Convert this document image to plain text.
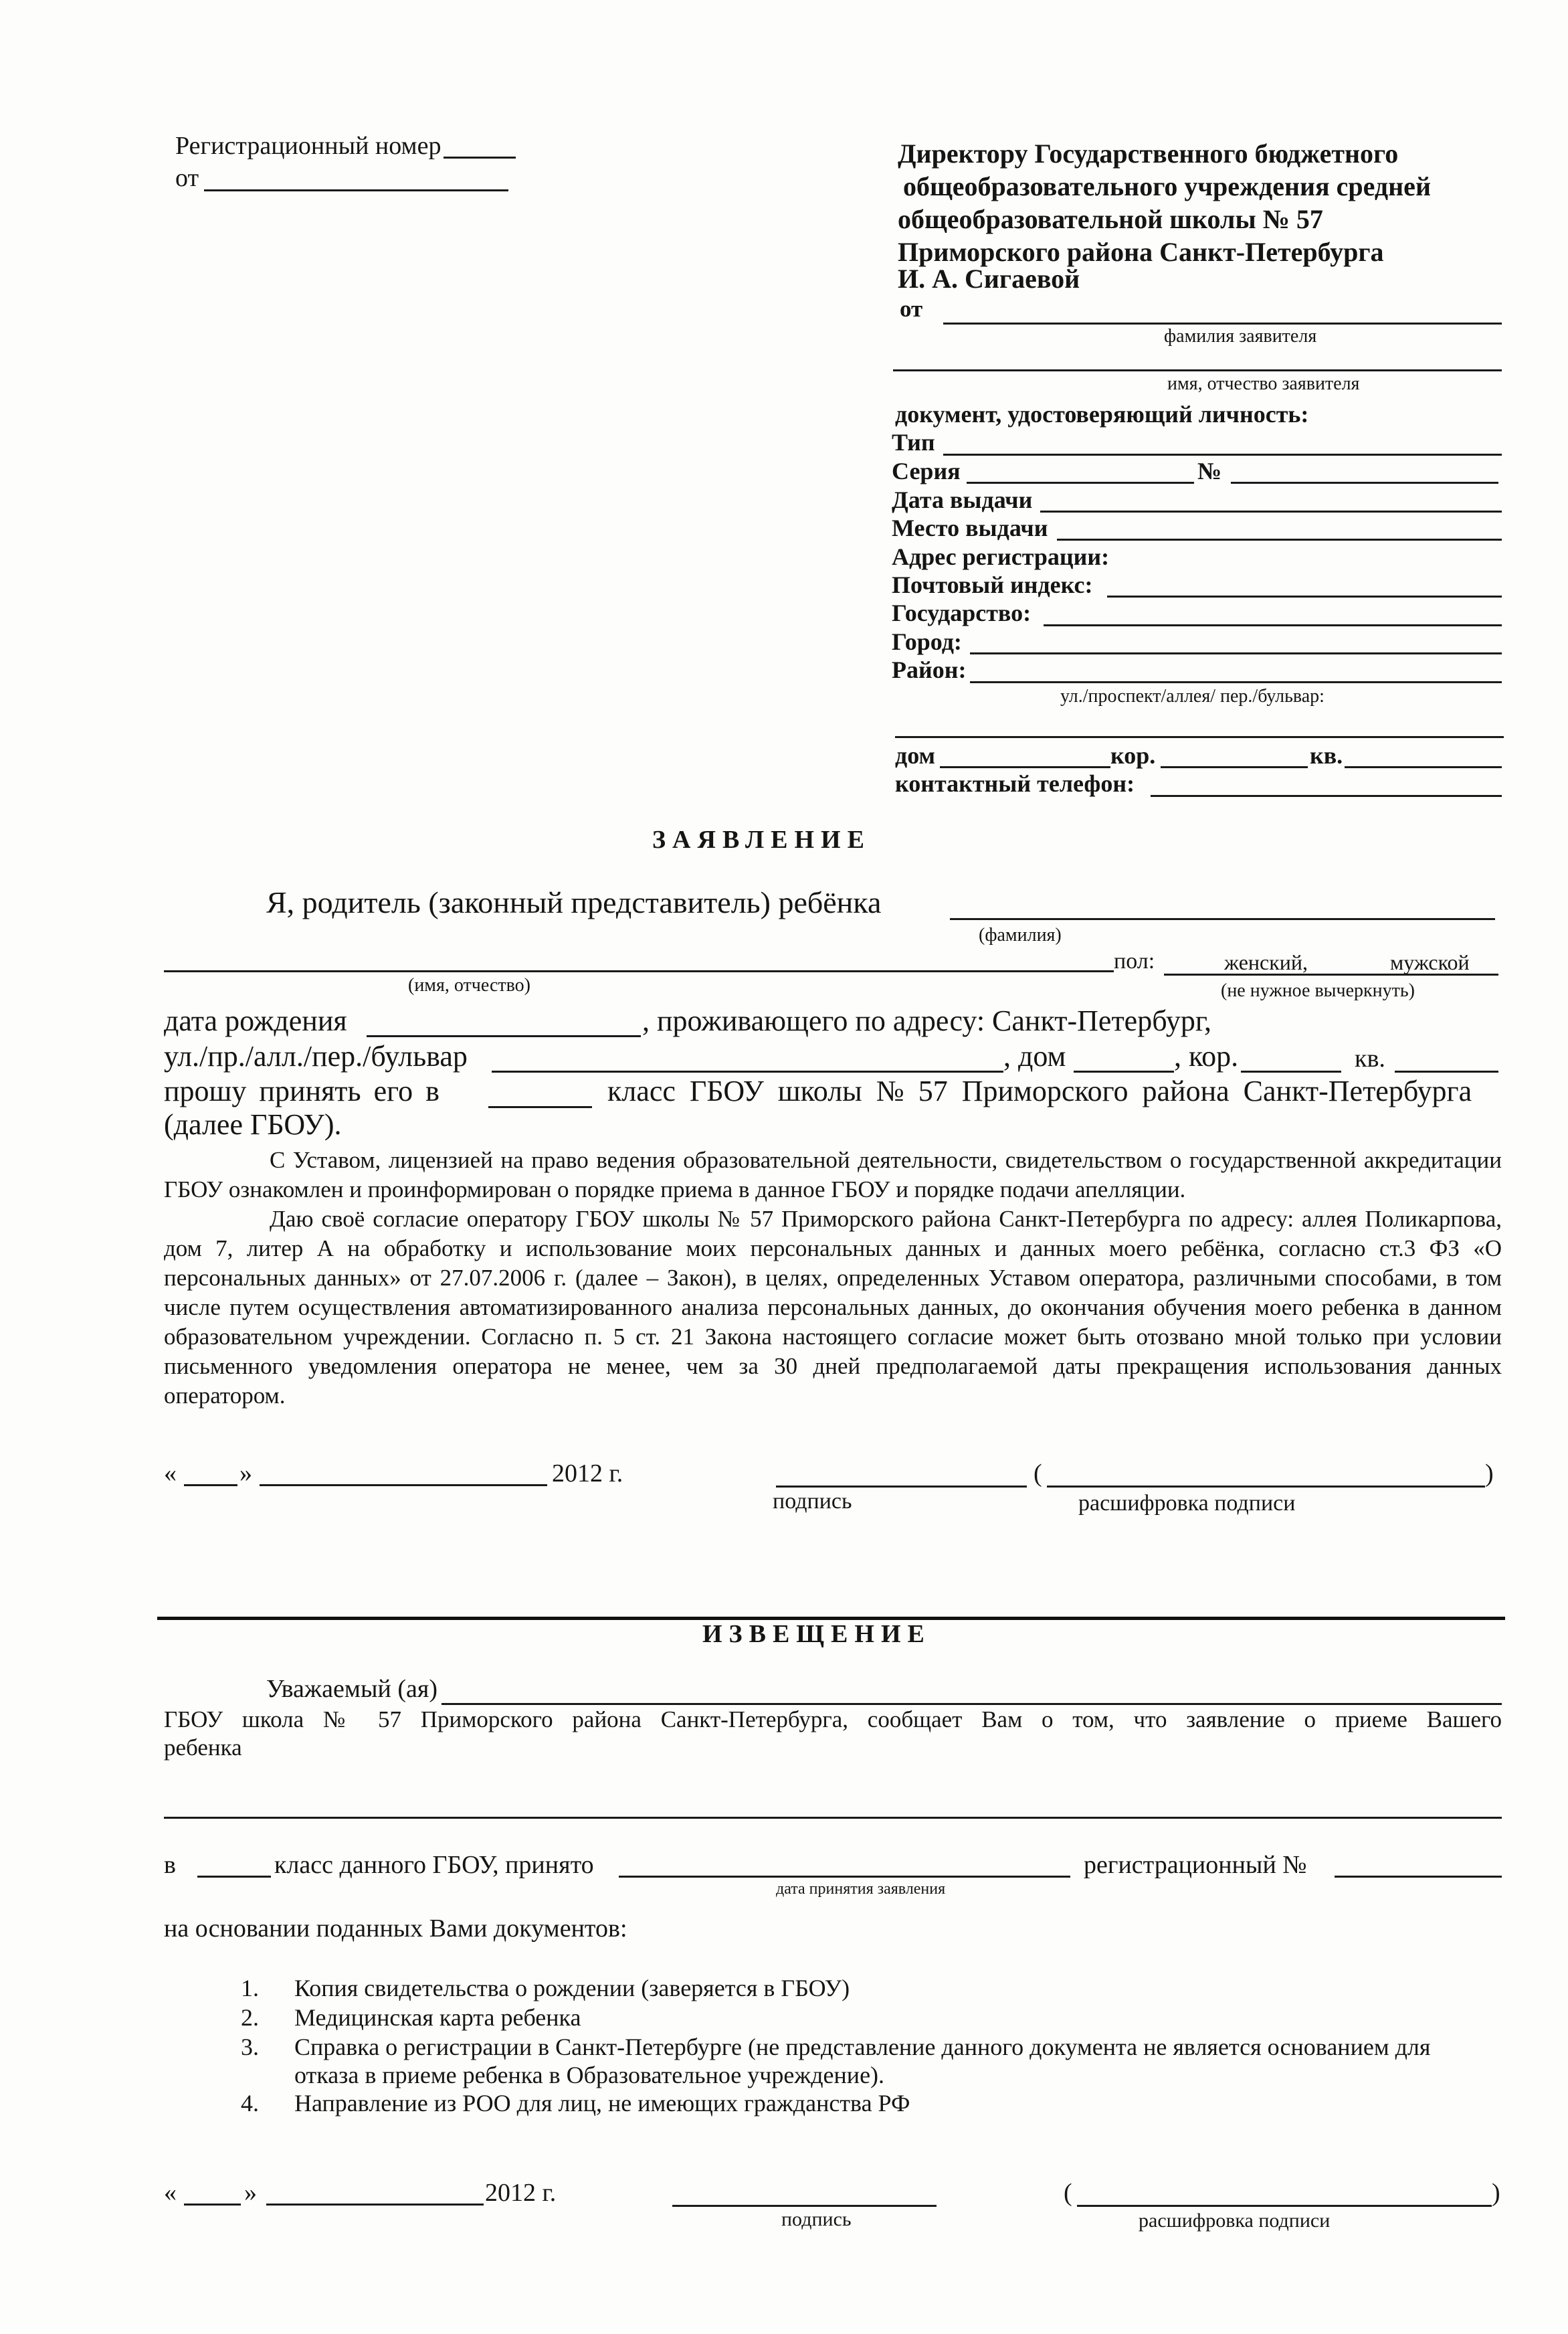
Регистрационный номер
от
Директору Государственного бюджетного
общеобразовательного учреждения средней
общеобразовательной школы № 57
Приморского района Санкт-Петербурга
И. А. Сигаевой
от
фамилия заявителя
имя, отчество заявителя
документ, удостоверяющий личность:
Тип
Серия	№
Дата выдачи
Место выдачи
Адрес регистрации:
Почтовый индекс:
Государство:
Город:
Район:
ул./проспект/аллея/ пер./бульвар:
дом	кор.	кв.
контактный телефон:
ЗАЯВЛЕНИЕ
Я, родитель (законный представитель) ребёнка
(фамилия)
пол:	женский,	мужской
(имя, отчество)	(не нужное вычеркнуть)
дата рождения	, проживающего по адресу: Санкт-Петербург,
ул./пр./алл./пер./бульвар	, дом	, кор.	кв.
прошу принять его в	класс ГБОУ школы № 57 Приморского района Санкт-Петербурга
(далее ГБОУ).
С Уставом, лицензией на право ведения образовательной деятельности, свидетельством о государственной аккредитации ГБОУ ознакомлен и проинформирован о порядке приема в данное ГБОУ и порядке подачи апелляции.
Даю своё согласие оператору ГБОУ школы № 57 Приморского района Санкт-Петербурга по адресу: аллея Поликарпова, дом 7, литер А на обработку и использование моих персональных данных и данных моего ребёнка, согласно ст.3 ФЗ «О персональных данных» от 27.07.2006 г. (далее – Закон), в целях, определенных Уставом оператора, различными способами, в том числе путем осуществления автоматизированного анализа персональных данных, до окончания обучения моего ребенка в данном образовательном учреждении. Согласно п. 5 ст. 21 Закона настоящего согласие может быть отозвано мной только при условии письменного уведомления оператора не менее, чем за 30 дней предполагаемой даты прекращения использования данных оператором.
« »	2012 г.	(	)
подпись	расшифровка подписи
ИЗВЕЩЕНИЕ
Уважаемый (ая)
ГБОУ школа № 57 Приморского района Санкт-Петербурга, сообщает Вам о том, что заявление о приеме Вашего
ребенка
в	класс данного ГБОУ, принято	регистрационный №
дата принятия заявления
на основании поданных Вами документов:
1. Копия свидетельства о рождении (заверяется в ГБОУ)
2. Медицинская карта ребенка
3. Справка о регистрации в Санкт-Петербурге (не представление данного документа не является основанием для
отказа в приеме ребенка в Образовательное учреждение).
4. Направление из РОО для лиц, не имеющих гражданства РФ
«	»	2012 г.	(	)
подпись	расшифровка подписи
